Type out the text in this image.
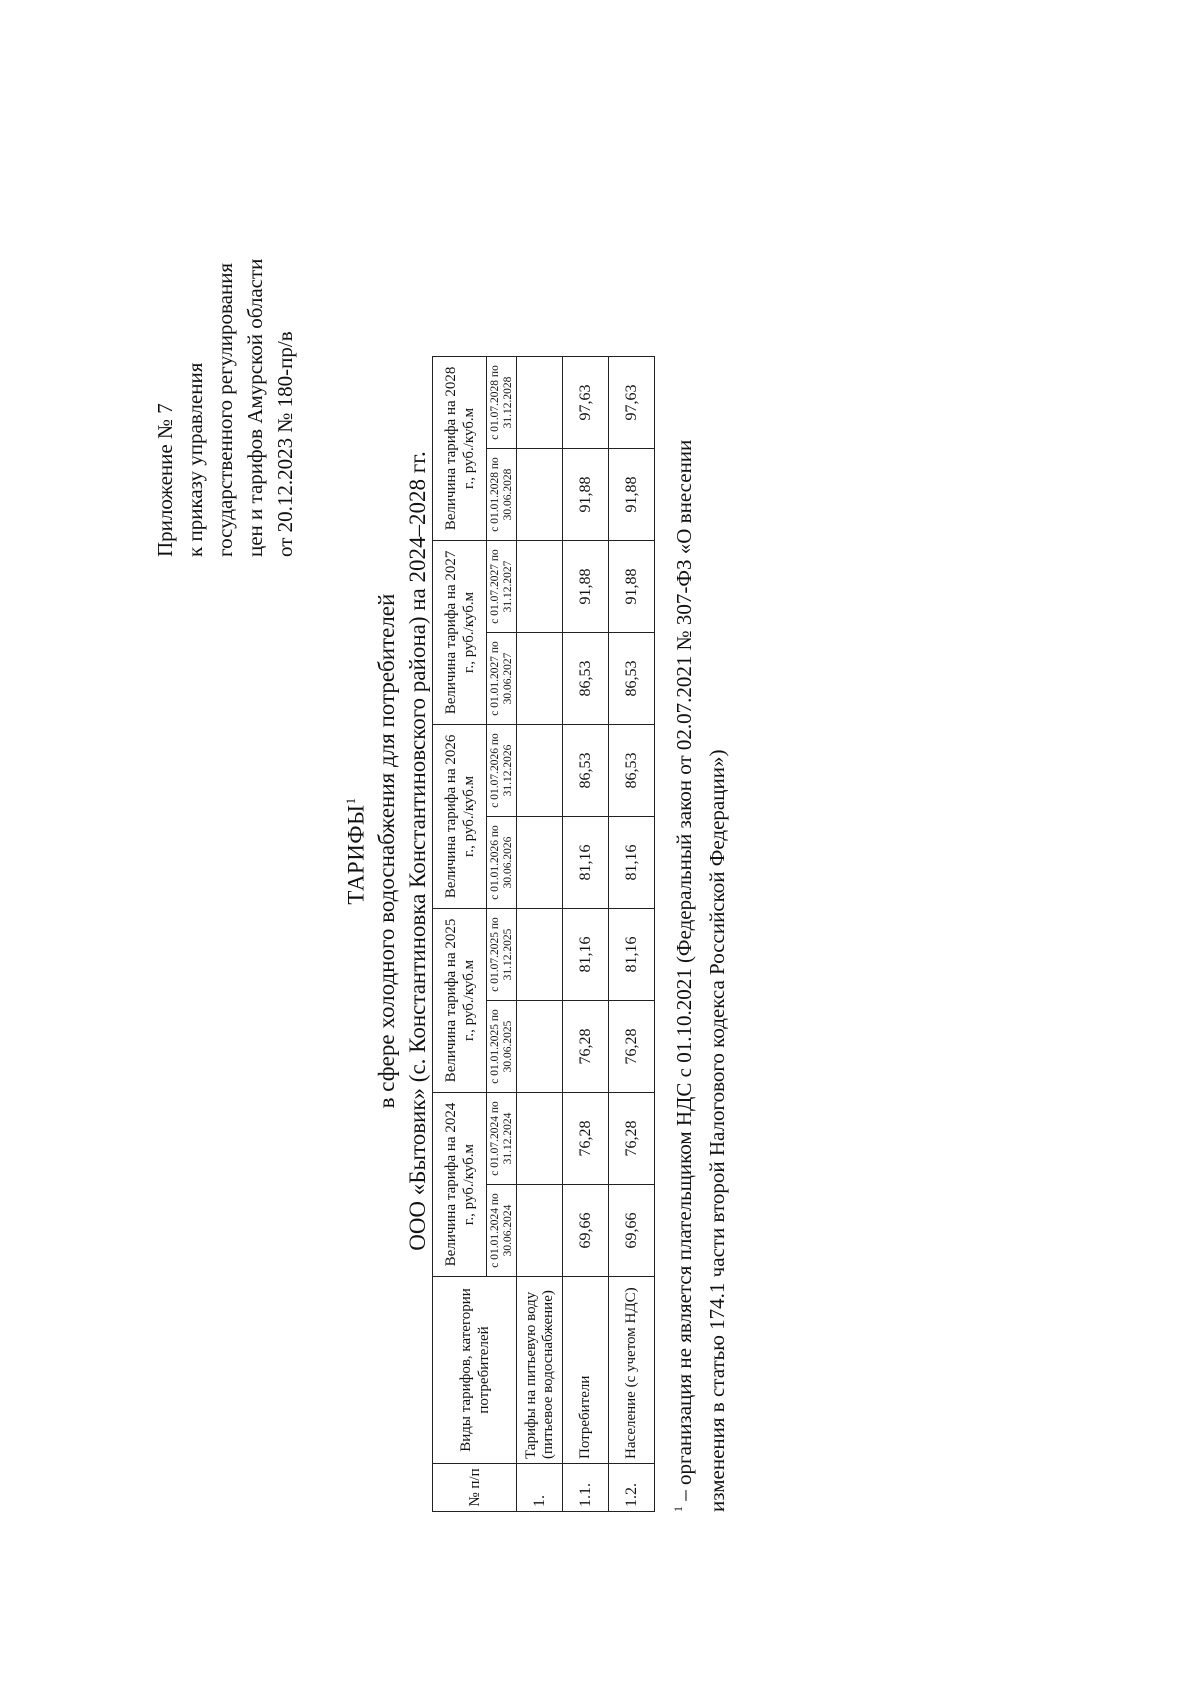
Приложение № 7 к приказу управления государственного регулирования цен и тарифов Амурской области от 20.12.2023 № 180-пр/в
ТАРИФЫ$^1$ в сфере холодного водоснабжения для потребителей ООО «Бытовик» (с. Константиновка Константиновского района) на 2024–2028 гг.
№ п/п	Виды тарифов, категории потребителей	Величина тарифа на 2024 г., руб./куб.м		Величина тарифа на 2025 г., руб./куб.м		Величина тарифа на 2026 г., руб./куб.м		Величина тарифа на 2027 г., руб./куб.м		Величина тарифа на 2028 г., руб./куб.м	
		с 01.01.2024 по 30.06.2024	с 01.07.2024 по 31.12.2024	с 01.01.2025 по 30.06.2025	с 01.07.2025 по 31.12.2025	с 01.01.2026 по 30.06.2026	с 01.07.2026 по 31.12.2026	с 01.01.2027 по 30.06.2027	с 01.07.2027 по 31.12.2027	с 01.01.2028 по 30.06.2028	с 01.07.2028 по 31.12.2028
1.	Тарифы на питьевую воду (питьевое водоснабжение)										
1.1.	Потребители	69,66	76,28	76,28	81,16	81,16	86,53	86,53	91,88	91,88	97,63
1.2.	Население (с учетом НДС)	69,66	76,28	76,28	81,16	81,16	86,53	86,53	91,88	91,88	97,63
$^1$ – организация не является плательщиком НДС с 01.10.2021 (Федеральный закон от 02.07.2021 № 307-ФЗ «О внесении изменения в статью 174.1 части второй Налогового кодекса Российской Федерации»)
